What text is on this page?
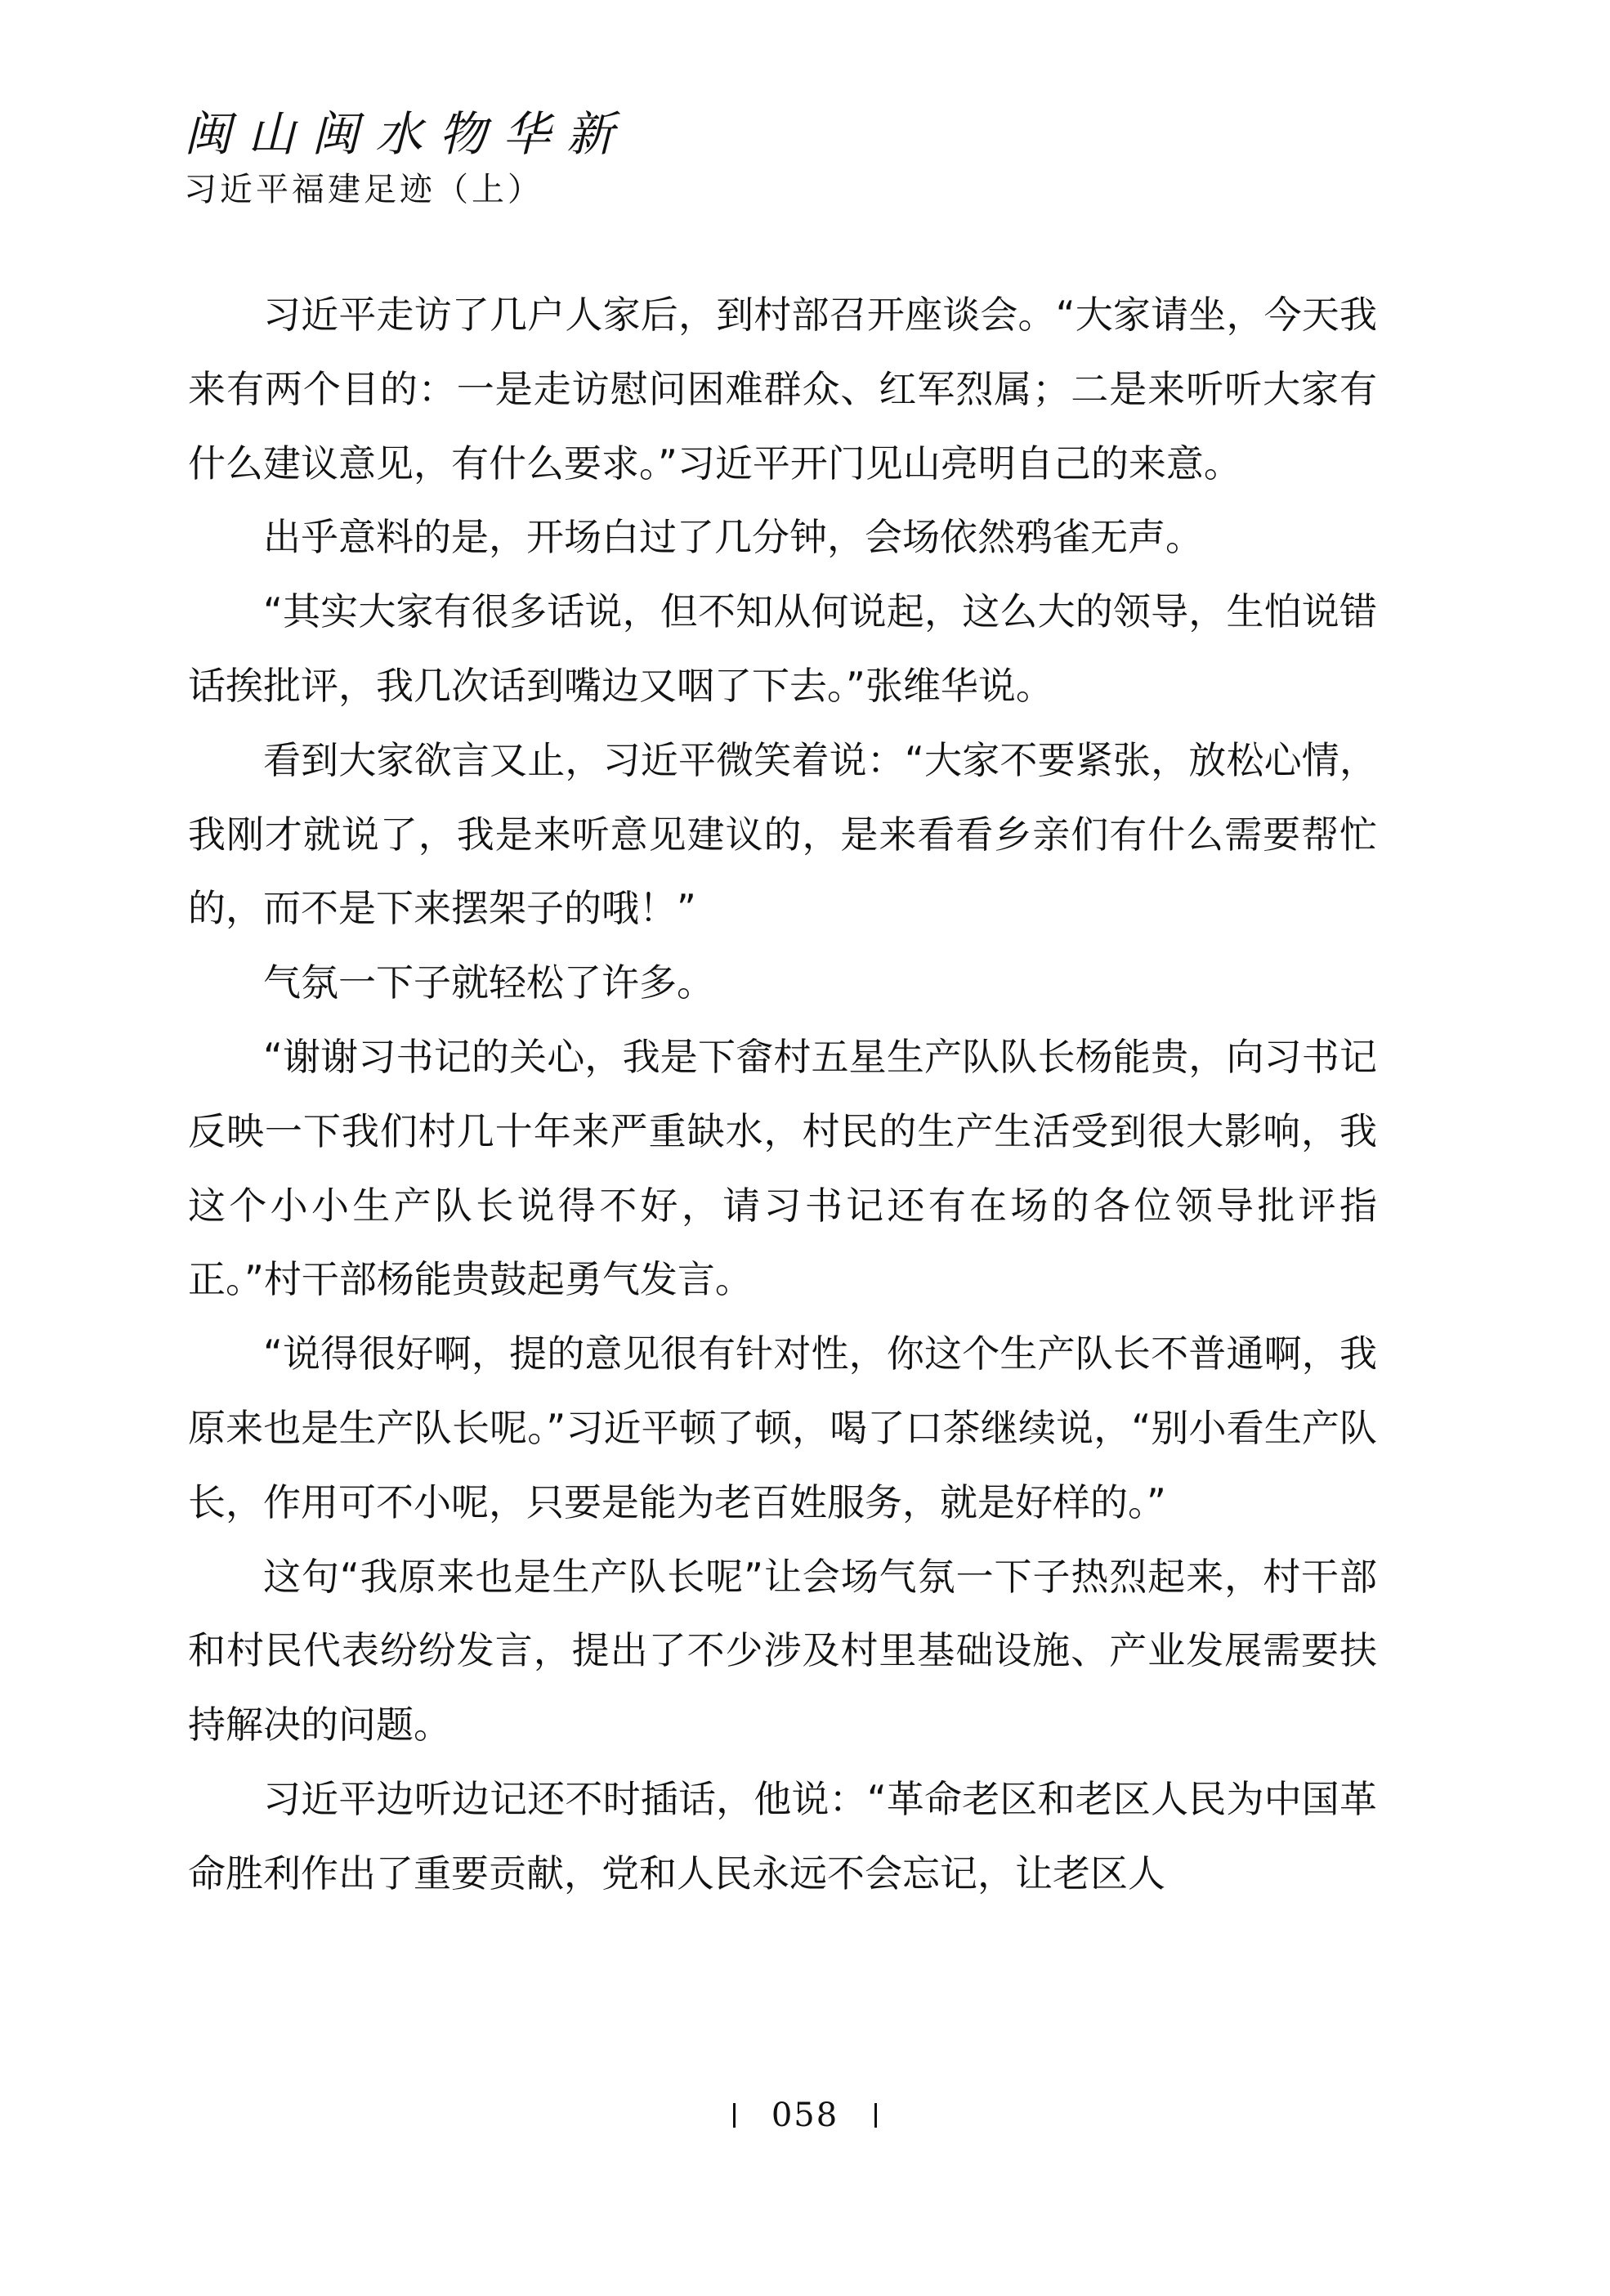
闽山闽水物华新
习近平福建足迹（上）

习近平走访了几户人家后，到村部召开座谈会。“大家请坐，今天我来有两个目的：一是走访慰问困难群众、红军烈属；二是来听听大家有什么建议意见，有什么要求。”习近平开门见山亮明自己的来意。

出乎意料的是，开场白过了几分钟，会场依然鸦雀无声。

“其实大家有很多话说，但不知从何说起，这么大的领导，生怕说错话挨批评，我几次话到嘴边又咽了下去。”张维华说。

看到大家欲言又止，习近平微笑着说：“大家不要紧张，放松心情，我刚才就说了，我是来听意见建议的，是来看看乡亲们有什么需要帮忙的，而不是下来摆架子的哦！”

气氛一下子就轻松了许多。

“谢谢习书记的关心，我是下畲村五星生产队队长杨能贵，向习书记反映一下我们村几十年来严重缺水，村民的生产生活受到很大影响，我这个小小生产队长说得不好，请习书记还有在场的各位领导批评指正。”村干部杨能贵鼓起勇气发言。

“说得很好啊，提的意见很有针对性，你这个生产队长不普通啊，我原来也是生产队长呢。”习近平顿了顿，喝了口茶继续说，“别小看生产队长，作用可不小呢，只要是能为老百姓服务，就是好样的。”

这句“我原来也是生产队长呢”让会场气氛一下子热烈起来，村干部和村民代表纷纷发言，提出了不少涉及村里基础设施、产业发展需要扶持解决的问题。

习近平边听边记还不时插话，他说：“革命老区和老区人民为中国革命胜利作出了重要贡献，党和人民永远不会忘记，让老区人

058
